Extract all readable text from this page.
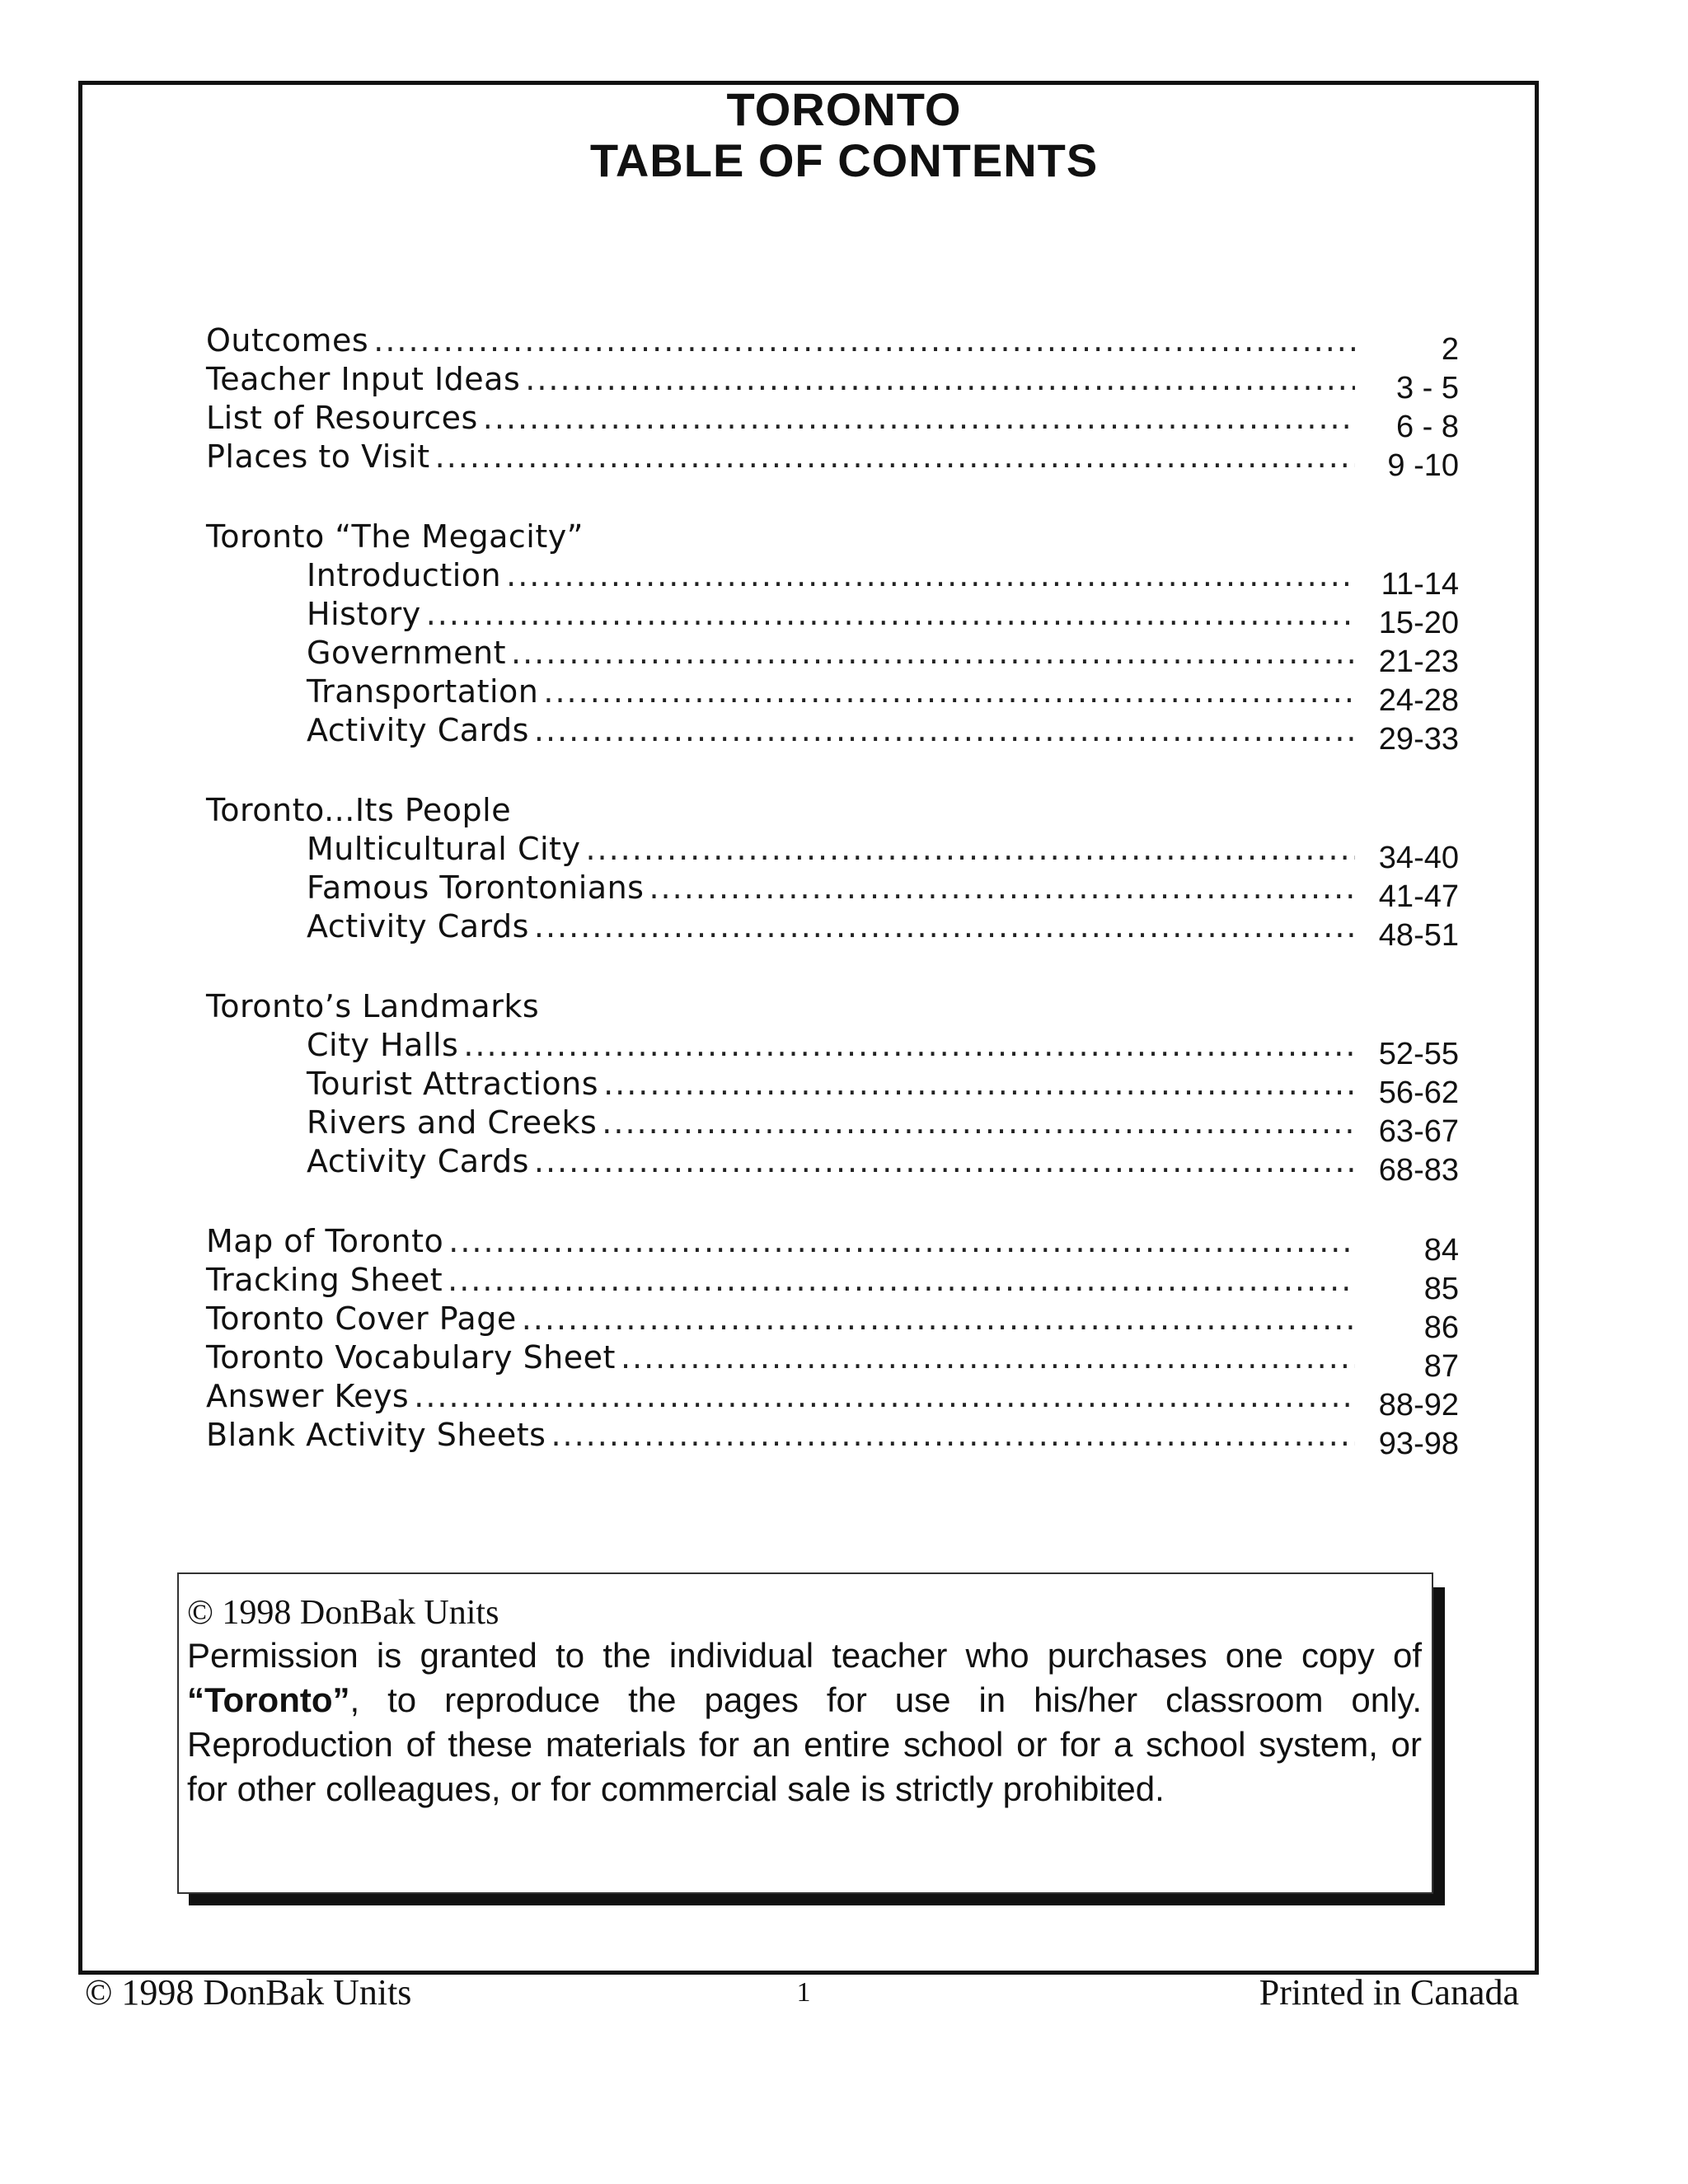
TORONTO
TABLE OF CONTENTS
Outcomes .....	2
Teacher Input Ideas .....	3 - 5
List of Resources .....	6 - 8
Places to Visit .....	9 -10
Toronto “The Megacity”
Introduction .....	11-14
History .....	15-20
Government .....	21-23
Transportation .....	24-28
Activity Cards .....	29-33
Toronto...Its People
Multicultural City .....	34-40
Famous Torontonians .....	41-47
Activity Cards .....	48-51
Toronto’s Landmarks
City Halls .....	52-55
Tourist Attractions .....	56-62
Rivers and Creeks .....	63-67
Activity Cards .....	68-83
Map of Toronto .....	84
Tracking Sheet .....	85
Toronto Cover Page .....	86
Toronto Vocabulary Sheet .....	87
Answer Keys .....	88-92
Blank Activity Sheets .....	93-98
© 1998 DonBak Units
Permission is granted to the individual teacher who purchases one copy of “Toronto”, to reproduce the pages for use in his/her classroom only. Reproduction of these materials for an entire school or for a school system, or for other colleagues, or for commercial sale is strictly prohibited.
© 1998 DonBak Units	1	Printed in Canada
